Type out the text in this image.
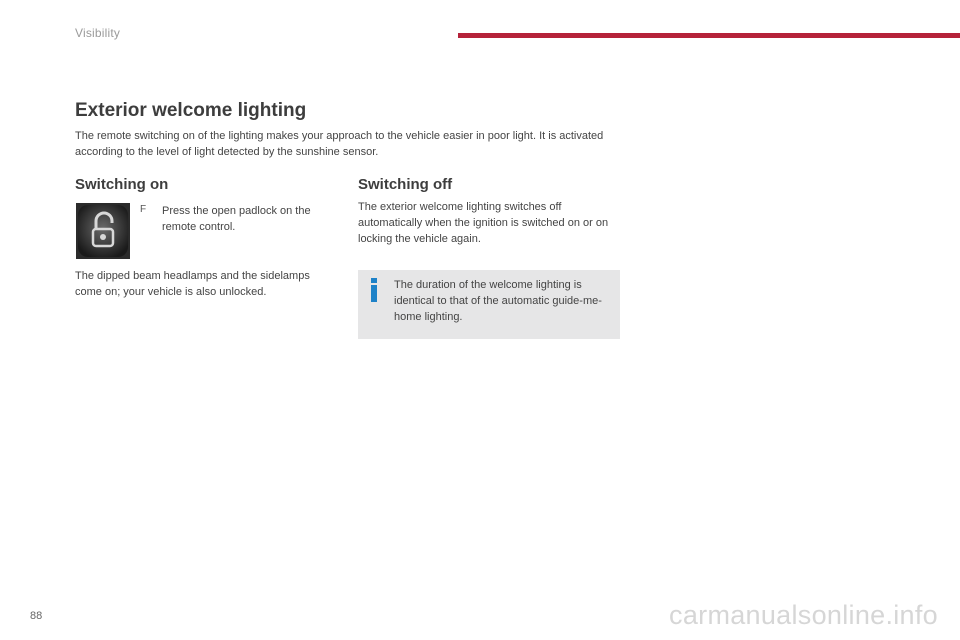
Visibility
Exterior welcome lighting

The remote switching on of the lighting makes your approach to the vehicle easier in poor light. It is activated according to the level of light detected by the sunshine sensor.

Switching on
F Press the open padlock on the remote control.

The dipped beam headlamps and the sidelamps come on; your vehicle is also unlocked.

Switching off

The exterior welcome lighting switches off automatically when the ignition is switched on or on locking the vehicle again.

The duration of the welcome lighting is identical to that of the automatic guide-me-home lighting.

88	carmanualsonline.info
